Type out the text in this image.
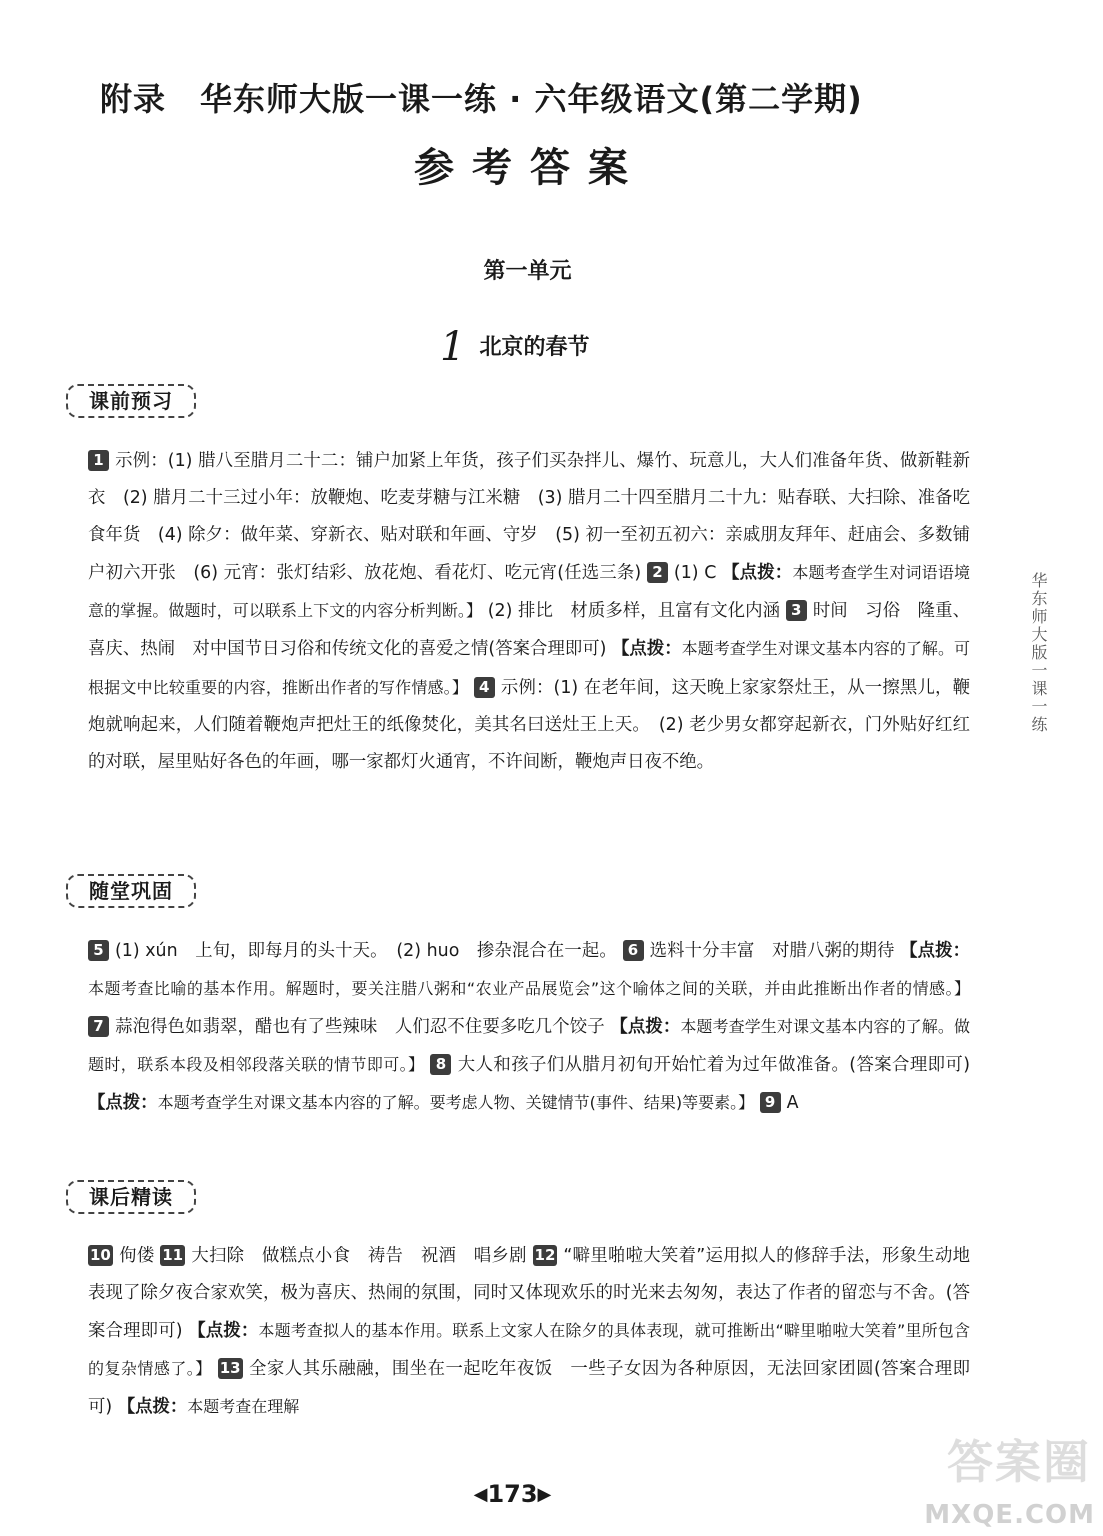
附录 华东师大版一课一练 · 六年级语文(第二学期)
参考答案
第一单元
1 北京的春节
课前预习
1 示例：(1) 腊八至腊月二十二：铺户加紧上年货，孩子们买杂拌儿、爆竹、玩意儿，大人们准备年货、做新鞋新衣　(2) 腊月二十三过小年：放鞭炮、吃麦芽糖与江米糖　(3) 腊月二十四至腊月二十九：贴春联、大扫除、准备吃食年货　(4) 除夕：做年菜、穿新衣、贴对联和年画、守岁　(5) 初一至初五初六：亲戚朋友拜年、赶庙会、多数铺户初六开张　(6) 元宵：张灯结彩、放花炮、看花灯、吃元宵(任选三条) 2 (1) C 【点拨：本题考查学生对词语语境意的掌握。做题时，可以联系上下文的内容分析判断。】 (2) 排比　材质多样，且富有文化内涵 3 时间　习俗　隆重、喜庆、热闹　对中国节日习俗和传统文化的喜爱之情(答案合理即可) 【点拨：本题考查学生对课文基本内容的了解。可根据文中比较重要的内容，推断出作者的写作情感。】 4 示例：(1) 在老年间，这天晚上家家祭灶王，从一擦黑儿，鞭炮就响起来，人们随着鞭炮声把灶王的纸像焚化，美其名曰送灶王上天。　(2) 老少男女都穿起新衣，门外贴好红红的对联，屋里贴好各色的年画，哪一家都灯火通宵，不许间断，鞭炮声日夜不绝。
随堂巩固
5 (1) xún　上旬，即每月的头十天。　(2) huo　掺杂混合在一起。 6 选料十分丰富　对腊八粥的期待 【点拨：本题考查比喻的基本作用。解题时，要关注腊八粥和“农业产品展览会”这个喻体之间的关联，并由此推断出作者的情感。】 7 蒜泡得色如翡翠，醋也有了些辣味　人们忍不住要多吃几个饺子 【点拨：本题考查学生对课文基本内容的了解。做题时，联系本段及相邻段落关联的情节即可。】 8 大人和孩子们从腊月初旬开始忙着为过年做准备。(答案合理即可) 【点拨：本题考查学生对课文基本内容的了解。要考虑人物、关键情节(事件、结果)等要素。】 9 A
课后精读
10 佝偻 11 大扫除　做糕点小食　祷告　祝酒　唱乡剧 12 “噼里啪啦大笑着”运用拟人的修辞手法，形象生动地表现了除夕夜合家欢笑，极为喜庆、热闹的氛围，同时又体现欢乐的时光来去匆匆，表达了作者的留恋与不舍。(答案合理即可) 【点拨：本题考查拟人的基本作用。联系上文家人在除夕的具体表现，就可推断出“噼里啪啦大笑着”里所包含的复杂情感了。】 13 全家人其乐融融，围坐在一起吃年夜饭　一些子女因为各种原因，无法回家团圆(答案合理即可) 【点拨：本题考查在理解
华东师大版一课一练
◀173▶
答案圈
MXQE.COM
